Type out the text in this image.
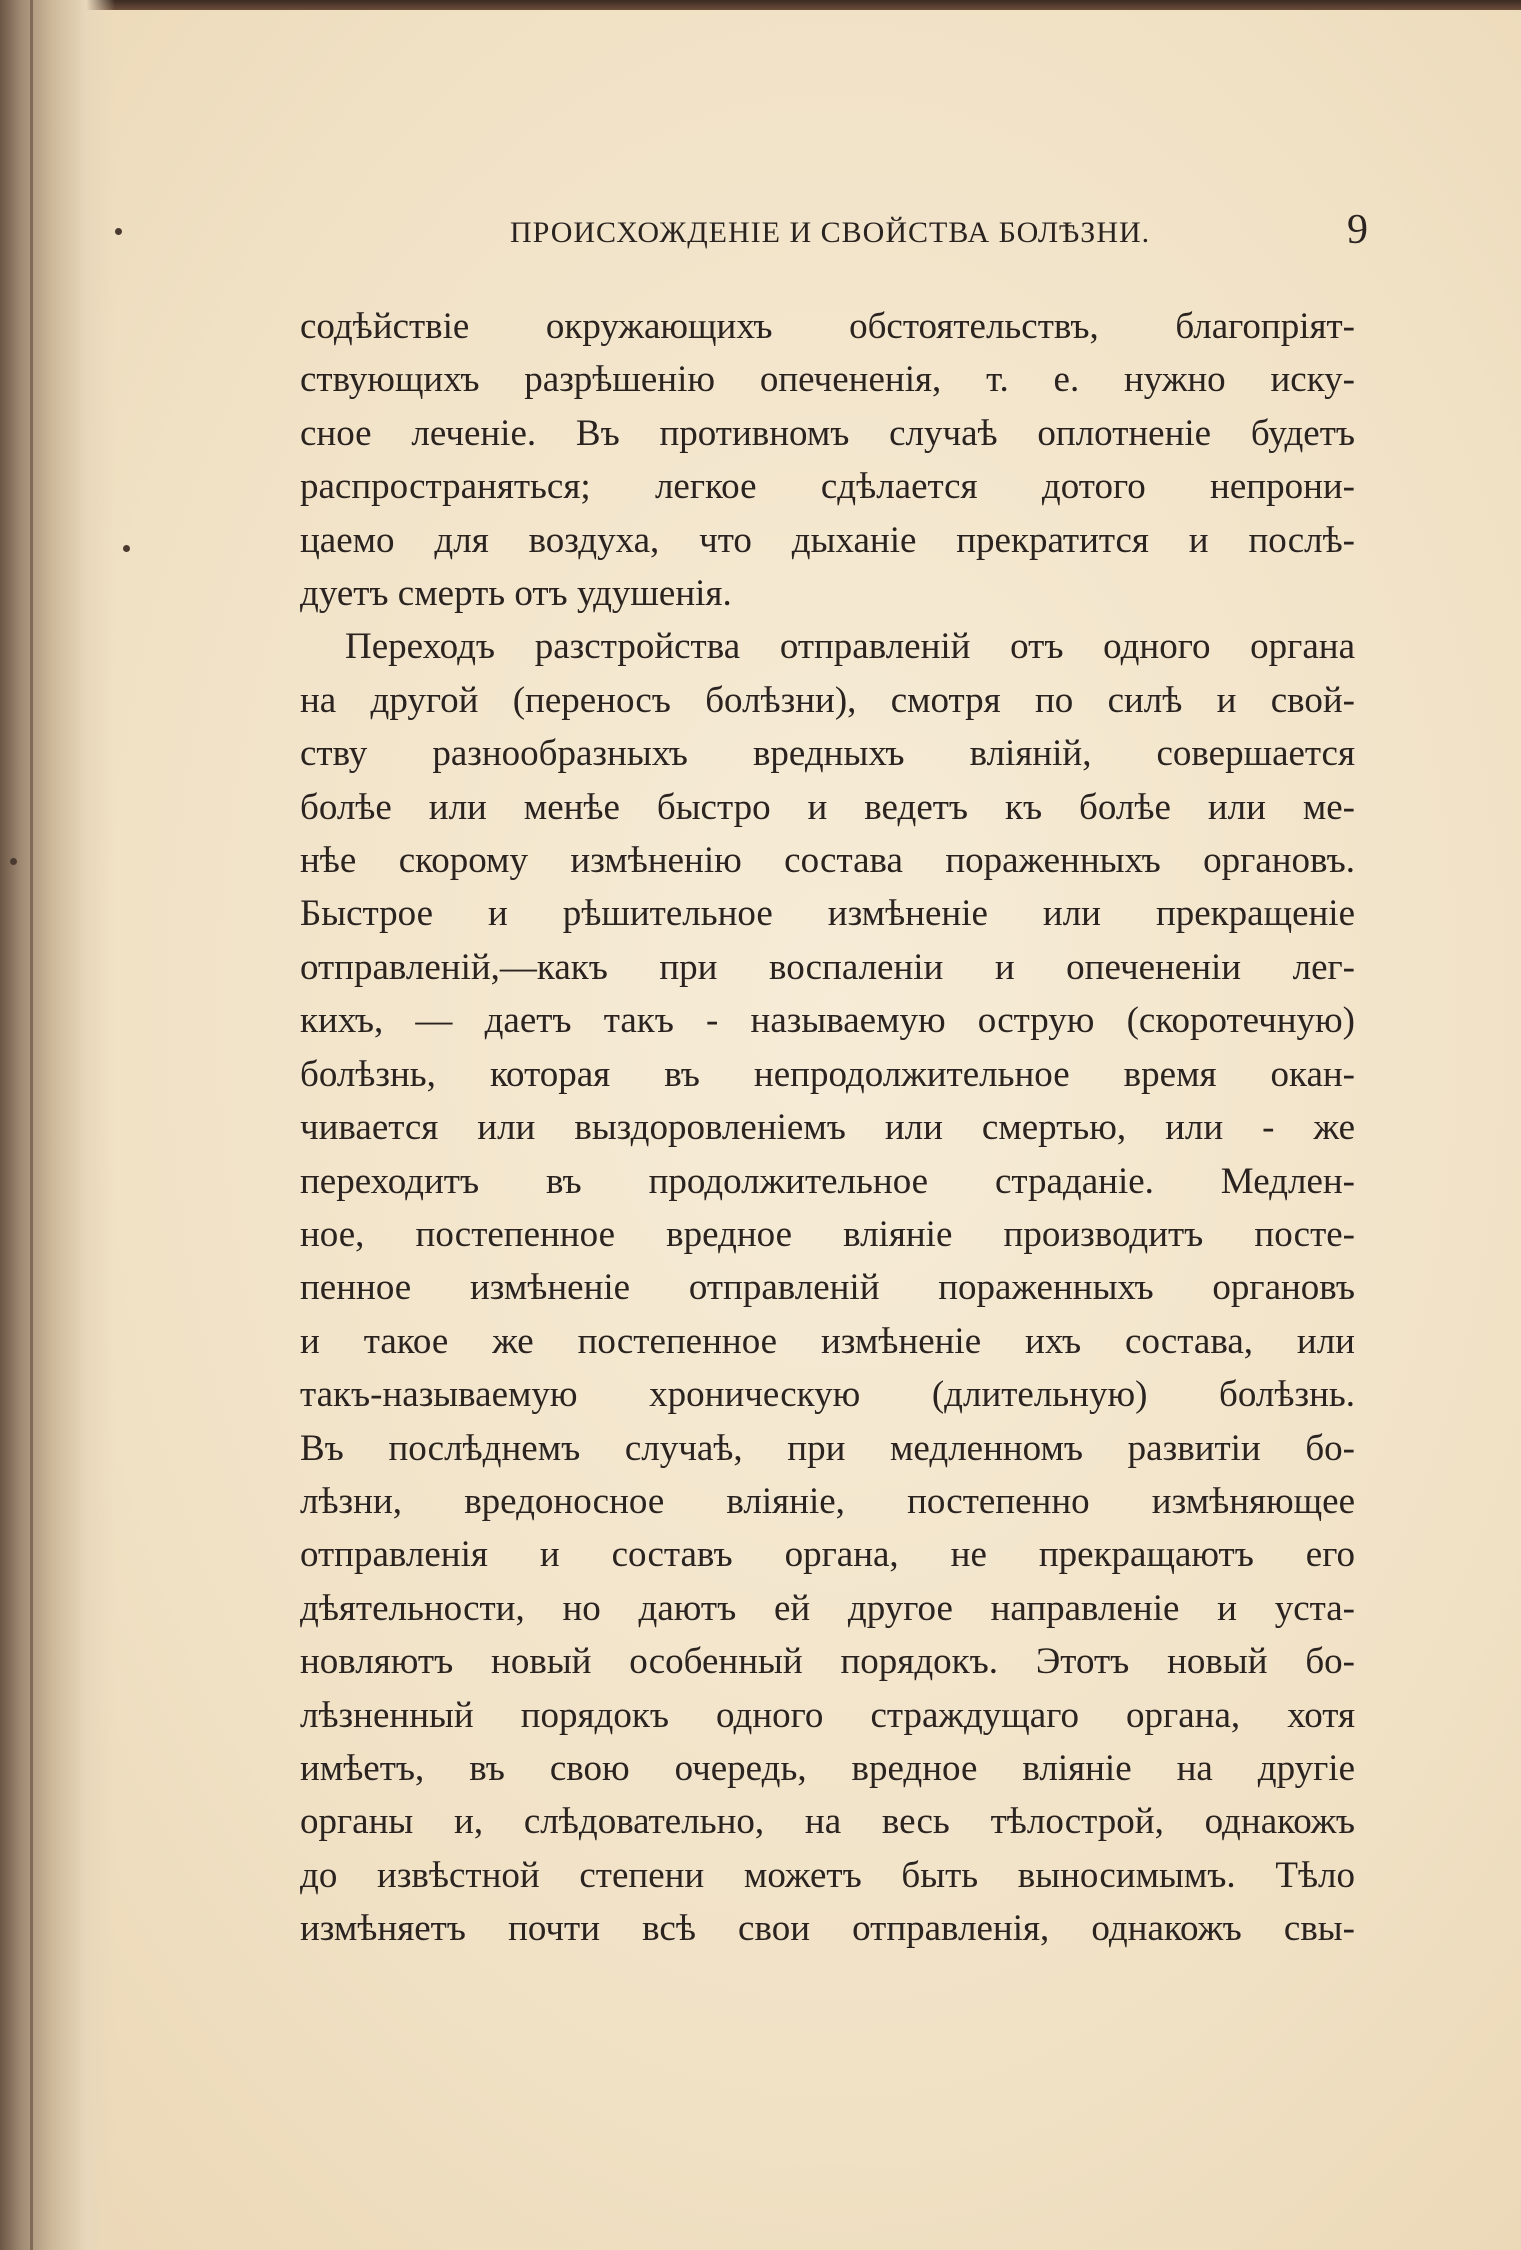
ПРОИСХОЖДЕНІЕ И СВОЙСТВА БОЛѢЗНИ.	9
содѣйствіе окружающихъ обстоятельствъ, благопріят-
ствующихъ разрѣшенію опечененія, т. е. нужно иску-
сное леченіе. Въ противномъ случаѣ оплотненіе будетъ
распространяться; легкое сдѣлается дотого непрони-
цаемо для воздуха, что дыханіе прекратится и послѣ-
дуетъ смерть отъ удушенія.
Переходъ разстройства отправленій отъ одного органа
на другой (переносъ болѣзни), смотря по силѣ и свой-
ству разнообразныхъ вредныхъ вліяній, совершается
болѣе или менѣе быстро и ведетъ къ болѣе или ме-
нѣе скорому измѣненію состава пораженныхъ органовъ.
Быстрое и рѣшительное измѣненіе или прекращеніе
отправленій,—какъ при воспаленіи и опечененіи лег-
кихъ, — даетъ такъ - называемую острую (скоротечную)
болѣзнь, которая въ непродолжительное время окан-
чивается или выздоровленіемъ или смертью, или - же
переходитъ въ продолжительное страданіе. Медлен-
ное, постепенное вредное вліяніе производитъ посте-
пенное измѣненіе отправленій пораженныхъ органовъ
и такое же постепенное измѣненіе ихъ состава, или
такъ-называемую хроническую (длительную) болѣзнь.
Въ послѣднемъ случаѣ, при медленномъ развитіи бо-
лѣзни, вредоносное вліяніе, постепенно измѣняющее
отправленія и составъ органа, не прекращаютъ его
дѣятельности, но даютъ ей другое направленіе и уста-
новляютъ новый особенный порядокъ. Этотъ новый бо-
лѣзненный порядокъ одного страждущаго органа, хотя
имѣетъ, въ свою очередь, вредное вліяніе на другіе
органы и, слѣдовательно, на весь тѣлострой, однакожъ
до извѣстной степени можетъ быть выносимымъ. Тѣло
измѣняетъ почти всѣ свои отправленія, однакожъ свы-
